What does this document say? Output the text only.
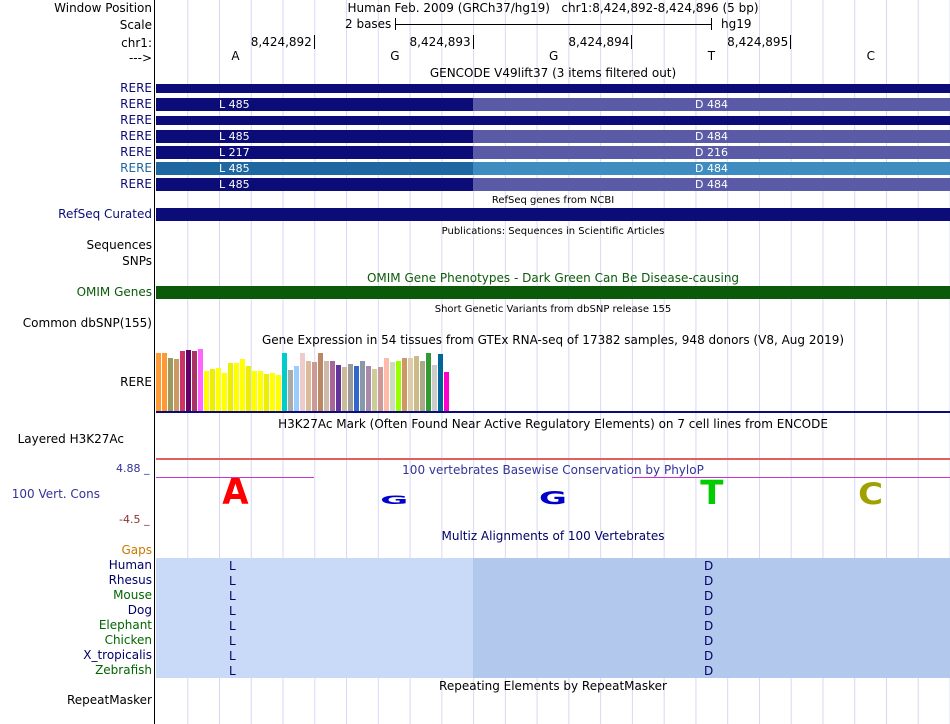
Window Position	Human Feb. 2009 (GRCh37/hg19)   chr1:8,424,892-8,424,896 (5 bp)
Scale	2 bases	hg19
chr1:	8,424,892	8,424,893	8,424,894	8,424,895
--->	A	G	G	T	C
GENCODE V49lift37 (3 items filtered out)
RERE
RERE	L 485	D 484
RERE
RERE	L 485	D 484
RERE	L 217	D 216
RERE	L 485	D 484
RERE	L 485	D 484
RefSeq genes from NCBI
RefSeq Curated
Publications: Sequences in Scientific Articles
Sequences
SNPs
OMIM Gene Phenotypes - Dark Green Can Be Disease-causing
OMIM Genes
Short Genetic Variants from dbSNP release 155
Common dbSNP(155)
Gene Expression in 54 tissues from GTEx RNA-seq of 17382 samples, 948 donors (V8, Aug 2019)
RERE
H3K27Ac Mark (Often Found Near Active Regulatory Elements) on 7 cell lines from ENCODE
Layered H3K27Ac
100 vertebrates Basewise Conservation by PhyloP
4.88 _
100 Vert. Cons
-4.5 _
A	G	G	T	C
Multiz Alignments of 100 Vertebrates
Gaps
Human	L	D
Rhesus	L	D
Mouse	L	D
Dog	L	D
Elephant	L	D
Chicken	L	D
X_tropicalis	L	D
Zebrafish	L	D
Repeating Elements by RepeatMasker
RepeatMasker
